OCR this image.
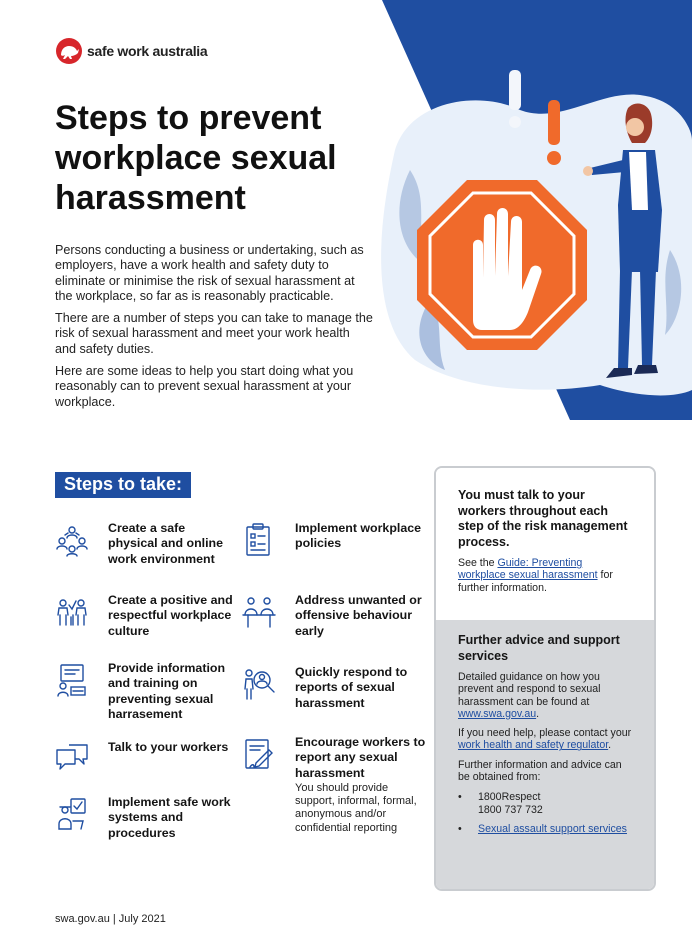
safe work australia
Steps to prevent workplace sexual harassment

Persons conducting a business or undertaking, such as employers, have a work health and safety duty to eliminate or minimise the risk of sexual harassment at the workplace, so far as is reasonably practicable.

There are a number of steps you can take to manage the risk of sexual harassment and meet your work health and safety duties.

Here are some ideas to help you start doing what you reasonably can to prevent sexual harassment at your workplace.

Steps to take:
Create a safe physical and online work environment
Create a positive and respectful workplace culture
Provide information and training on preventing sexual harrasement
Talk to your workers
Implement safe work systems and procedures
Implement workplace policies
Address unwanted or offensive behaviour early
Quickly respond to reports of sexual harassment
Encourage workers to report any sexual harassment
You should provide support, informal, formal, anonymous and/or confidential reporting
You must talk to your workers throughout each step of the risk management process.
See the Guide: Preventing workplace sexual harassment for further information.
Further advice and support services
Detailed guidance on how you prevent and respond to sexual harassment can be found at www.swa.gov.au.
If you need help, please contact your work health and safety regulator.
Further information and advice can be obtained from:
• 1800Respect
1800 737 732
• Sexual assault support services
swa.gov.au | July 2021
